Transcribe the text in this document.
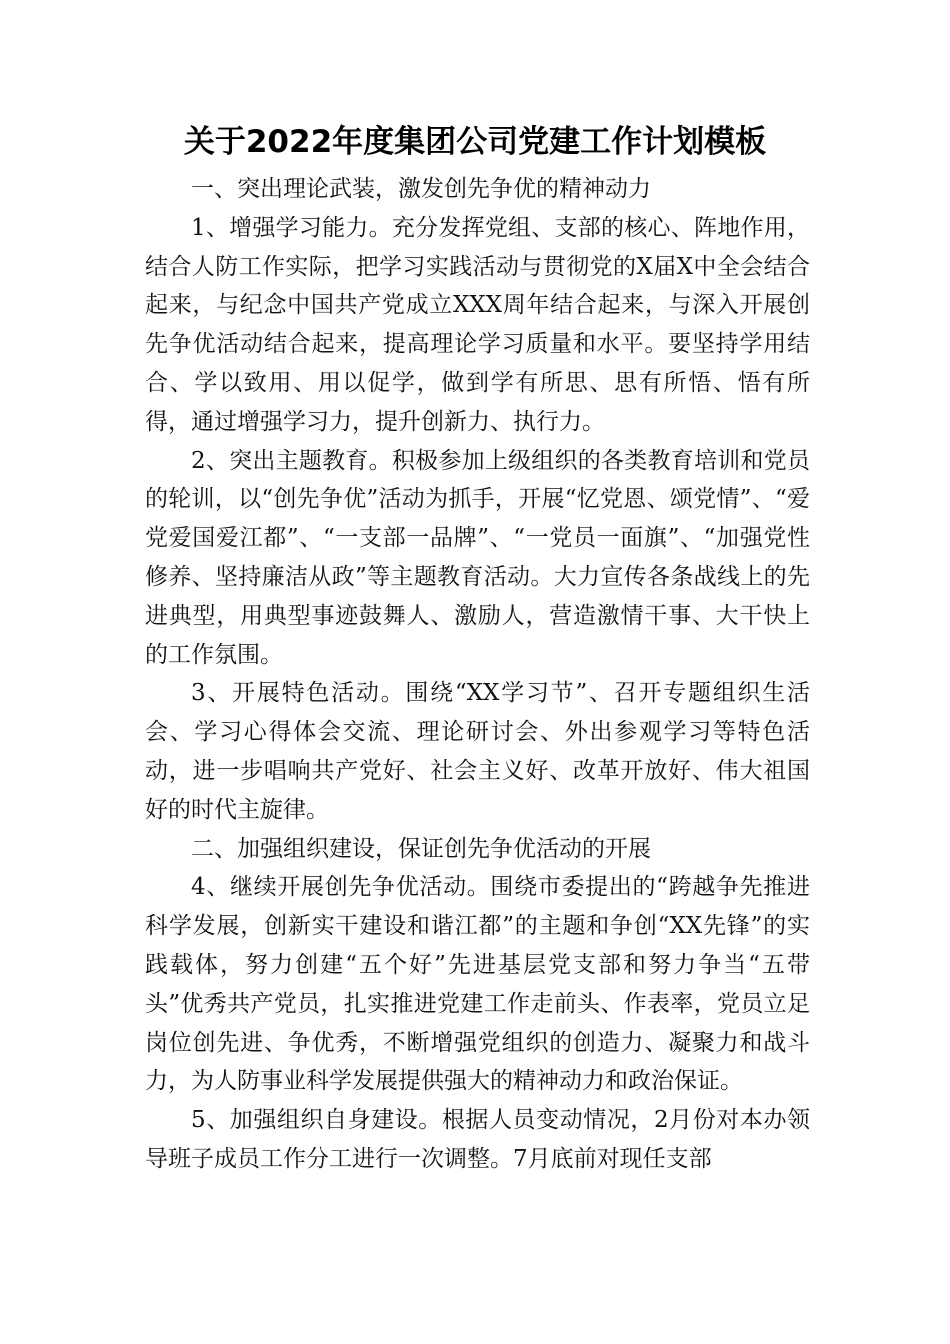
关于2022年度集团公司党建工作计划模板

一、突出理论武装，激发创先争优的精神动力

1、增强学习能力。充分发挥党组、支部的核心、阵地作用，结合人防工作实际，把学习实践活动与贯彻党的X届X中全会结合起来，与纪念中国共产党成立XXX周年结合起来，与深入开展创先争优活动结合起来，提高理论学习质量和水平。要坚持学用结合、学以致用、用以促学，做到学有所思、思有所悟、悟有所得，通过增强学习力，提升创新力、执行力。

2、突出主题教育。积极参加上级组织的各类教育培训和党员的轮训，以“创先争优”活动为抓手，开展“忆党恩、颂党情”、“爱党爱国爱江都”、“一支部一品牌”、“一党员一面旗”、“加强党性修养、坚持廉洁从政”等主题教育活动。大力宣传各条战线上的先进典型，用典型事迹鼓舞人、激励人，营造激情干事、大干快上的工作氛围。

3、开展特色活动。围绕“XX学习节”、召开专题组织生活会、学习心得体会交流、理论研讨会、外出参观学习等特色活动，进一步唱响共产党好、社会主义好、改革开放好、伟大祖国好的时代主旋律。

二、加强组织建设，保证创先争优活动的开展

4、继续开展创先争优活动。围绕市委提出的“跨越争先推进科学发展，创新实干建设和谐江都”的主题和争创“XX先锋”的实践载体，努力创建“五个好”先进基层党支部和努力争当“五带头”优秀共产党员，扎实推进党建工作走前头、作表率，党员立足岗位创先进、争优秀，不断增强党组织的创造力、凝聚力和战斗力，为人防事业科学发展提供强大的精神动力和政治保证。

5、加强组织自身建设。根据人员变动情况，2月份对本办领导班子成员工作分工进行一次调整。7月底前对现任支部
